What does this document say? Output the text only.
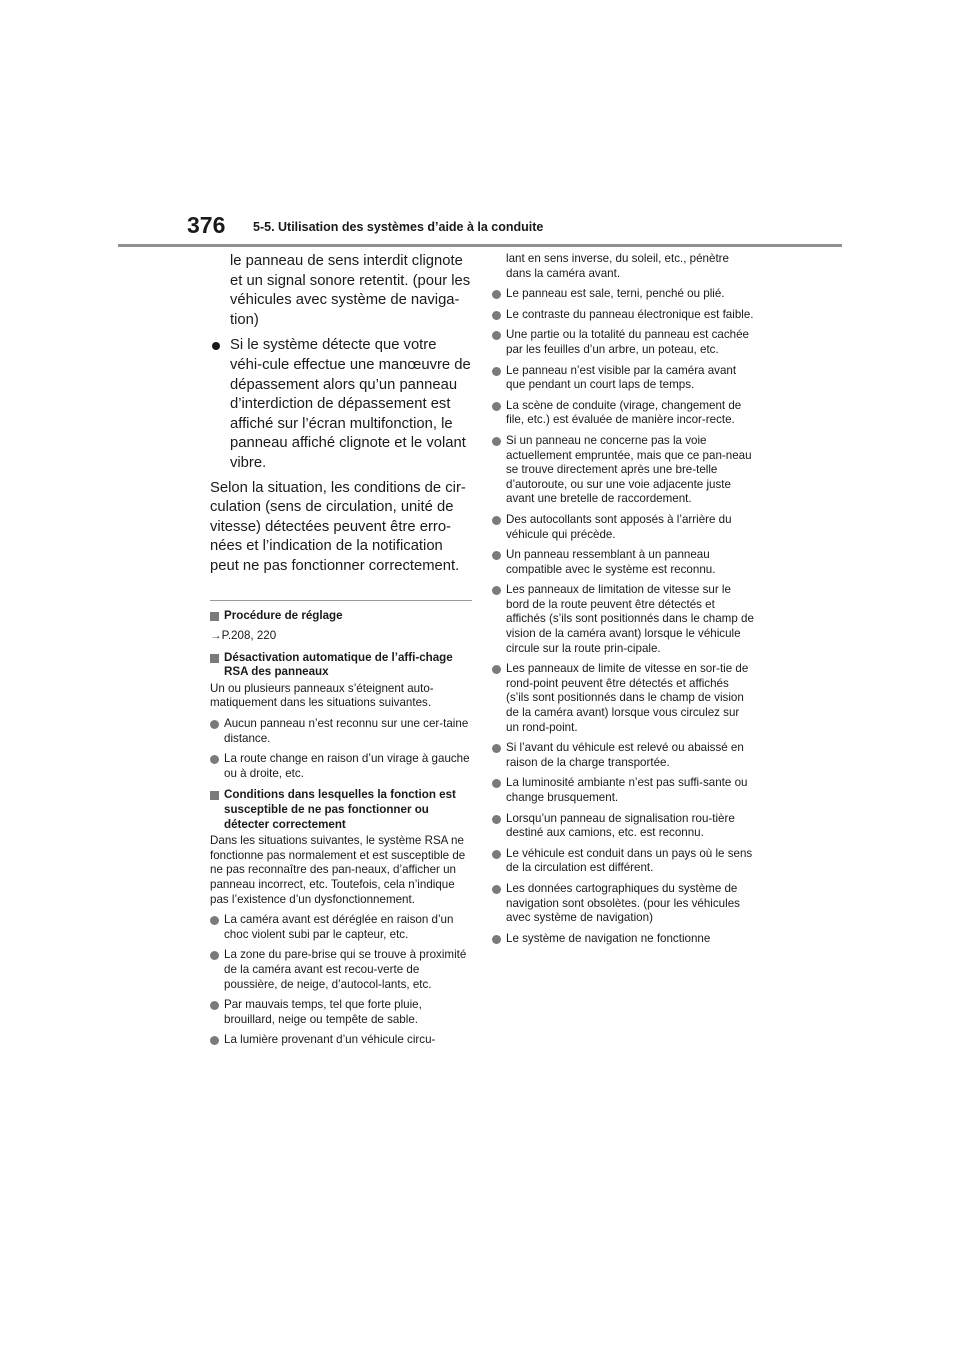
376 5-5. Utilisation des systèmes d’aide à la conduite

le panneau de sens interdit clignote et un signal sonore retentit. (pour les véhicules avec système de naviga-tion)

Si le système détecte que votre véhi-cule effectue une manœuvre de dépassement alors qu’un panneau d’interdiction de dépassement est affiché sur l’écran multifonction, le panneau affiché clignote et le volant vibre.
Selon la situation, les conditions de cir-culation (sens de circulation, unité de vitesse) détectées peuvent être erro-nées et l’indication de la notification peut ne pas fonctionner correctement.
Procédure de réglage
→P.208, 220
Désactivation automatique de l’affi-chage RSA des panneaux
Un ou plusieurs panneaux s’éteignent auto-matiquement dans les situations suivantes.
Aucun panneau n’est reconnu sur une cer-taine distance.
La route change en raison d’un virage à gauche ou à droite, etc.
Conditions dans lesquelles la fonction est susceptible de ne pas fonctionner ou détecter correctement
Dans les situations suivantes, le système RSA ne fonctionne pas normalement et est susceptible de ne pas reconnaître des pan-neaux, d’afficher un panneau incorrect, etc. Toutefois, cela n’indique pas l’existence d’un dysfonctionnement.
La caméra avant est déréglée en raison d’un choc violent subi par le capteur, etc.
La zone du pare-brise qui se trouve à proximité de la caméra avant est recou-verte de poussière, de neige, d’autocol-lants, etc.
Par mauvais temps, tel que forte pluie, brouillard, neige ou tempête de sable.
La lumière provenant d’un véhicule circu-
lant en sens inverse, du soleil, etc., pénètre dans la caméra avant.
Le panneau est sale, terni, penché ou plié.
Le contraste du panneau électronique est faible.
Une partie ou la totalité du panneau est cachée par les feuilles d’un arbre, un poteau, etc.
Le panneau n’est visible par la caméra avant que pendant un court laps de temps.
La scène de conduite (virage, changement de file, etc.) est évaluée de manière incor-recte.
Si un panneau ne concerne pas la voie actuellement empruntée, mais que ce pan-neau se trouve directement après une bre-telle d’autoroute, ou sur une voie adjacente juste avant une bretelle de raccordement.
Des autocollants sont apposés à l’arrière du véhicule qui précède.
Un panneau ressemblant à un panneau compatible avec le système est reconnu.
Les panneaux de limitation de vitesse sur le bord de la route peuvent être détectés et affichés (s’ils sont positionnés dans le champ de vision de la caméra avant) lorsque le véhicule circule sur la route prin-cipale.
Les panneaux de limite de vitesse en sor-tie de rond-point peuvent être détectés et affichés (s’ils sont positionnés dans le champ de vision de la caméra avant) lorsque vous circulez sur un rond-point.
Si l’avant du véhicule est relevé ou abaissé en raison de la charge transportée.
La luminosité ambiante n’est pas suffi-sante ou change brusquement.
Lorsqu’un panneau de signalisation rou-tière destiné aux camions, etc. est reconnu.
Le véhicule est conduit dans un pays où le sens de la circulation est différent.
Les données cartographiques du système de navigation sont obsolètes. (pour les véhicules avec système de navigation)
Le système de navigation ne fonctionne
